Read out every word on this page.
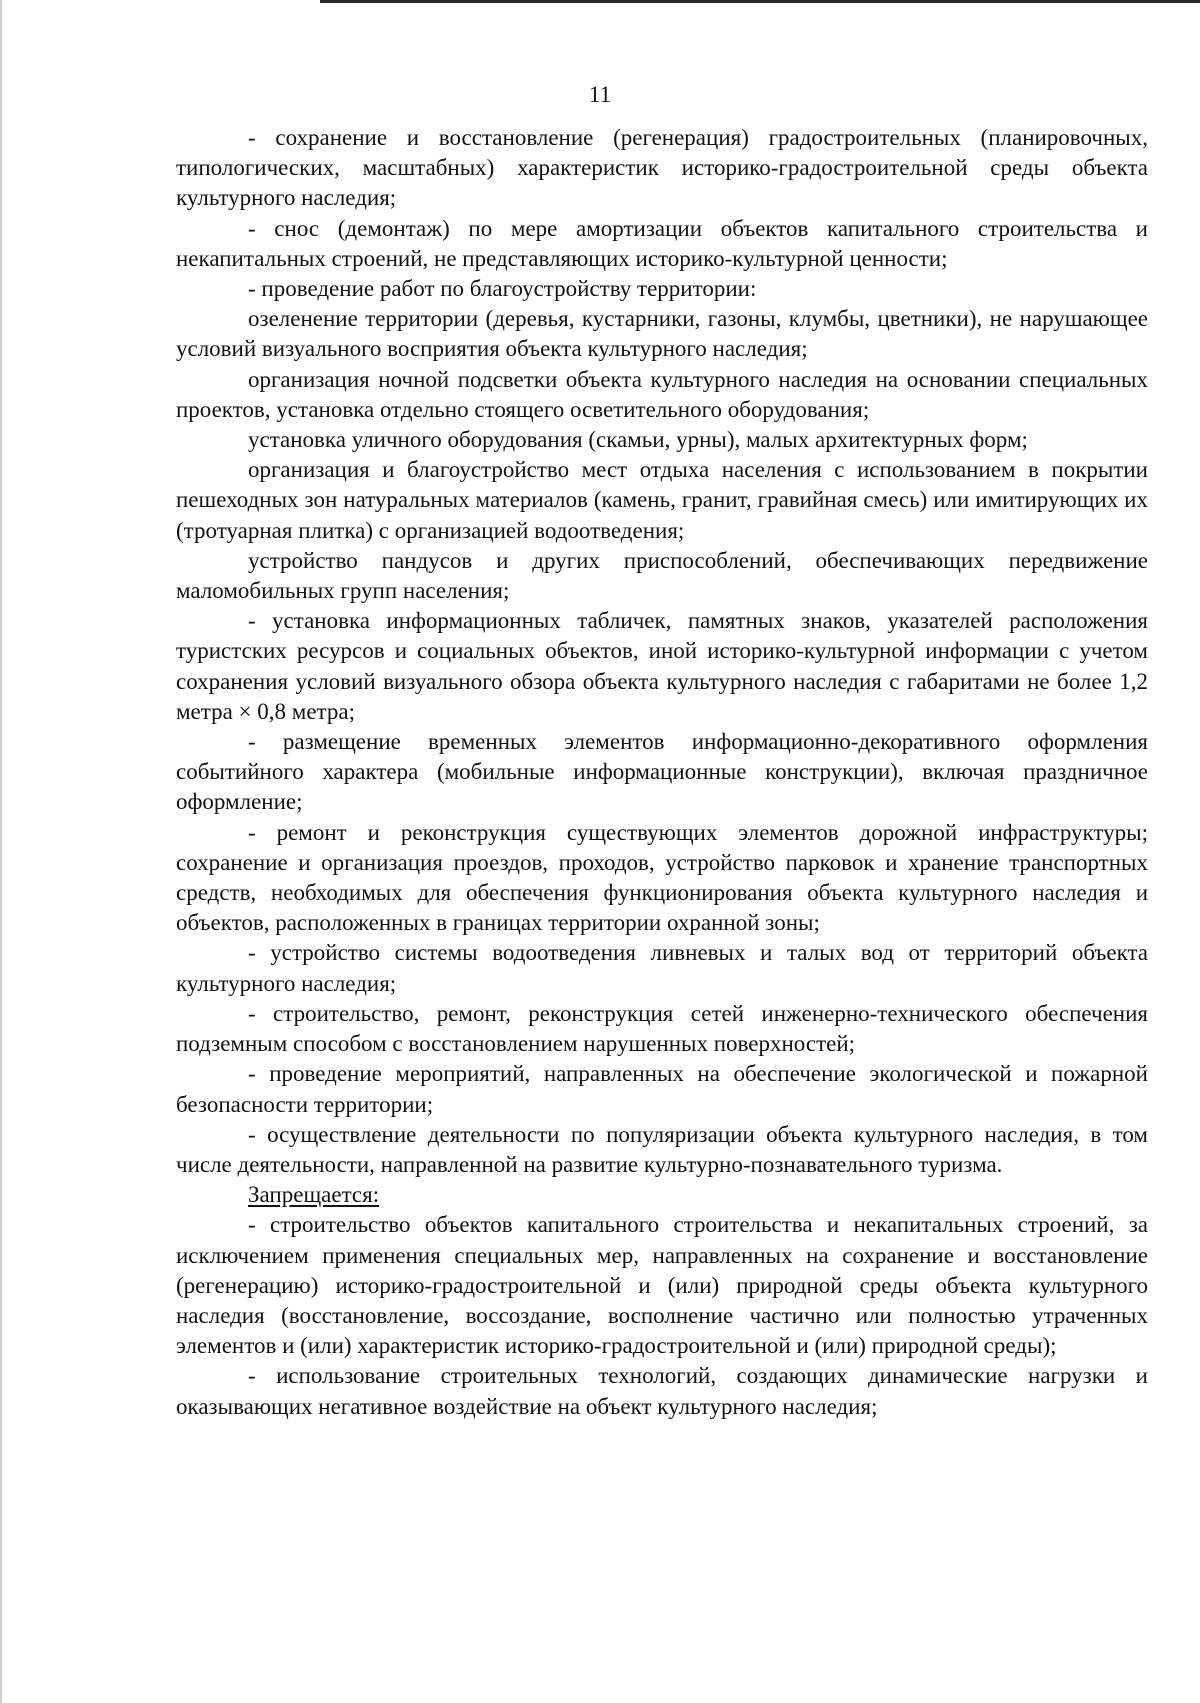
11

- сохранение и восстановление (регенерация) градостроительных (планировочных, типологических, масштабных) характеристик историко-градостроительной среды объекта культурного наследия;

- снос (демонтаж) по мере амортизации объектов капитального строительства и некапитальных строений, не представляющих историко-культурной ценности;

- проведение работ по благоустройству территории:

озеленение территории (деревья, кустарники, газоны, клумбы, цветники), не нарушающее условий визуального восприятия объекта культурного наследия;

организация ночной подсветки объекта культурного наследия на основании специальных проектов, установка отдельно стоящего осветительного оборудования;

установка уличного оборудования (скамьи, урны), малых архитектурных форм;

организация и благоустройство мест отдыха населения с использованием в покрытии пешеходных зон натуральных материалов (камень, гранит, гравийная смесь) или имитирующих их (тротуарная плитка) с организацией водоотведения;

устройство пандусов и других приспособлений, обеспечивающих передвижение маломобильных групп населения;

- установка информационных табличек, памятных знаков, указателей расположения туристских ресурсов и социальных объектов, иной историко-культурной информации с учетом сохранения условий визуального обзора объекта культурного наследия с габаритами не более 1,2 метра × 0,8 метра;

- размещение временных элементов информационно-декоративного оформления событийного характера (мобильные информационные конструкции), включая праздничное оформление;

- ремонт и реконструкция существующих элементов дорожной инфраструктуры; сохранение и организация проездов, проходов, устройство парковок и хранение транспортных средств, необходимых для обеспечения функционирования объекта культурного наследия и объектов, расположенных в границах территории охранной зоны;

- устройство системы водоотведения ливневых и талых вод от территорий объекта культурного наследия;

- строительство, ремонт, реконструкция сетей инженерно-технического обеспечения подземным способом с восстановлением нарушенных поверхностей;

- проведение мероприятий, направленных на обеспечение экологической и пожарной безопасности территории;

- осуществление деятельности по популяризации объекта культурного наследия, в том числе деятельности, направленной на развитие культурно-познавательного туризма.

Запрещается:

- строительство объектов капитального строительства и некапитальных строений, за исключением применения специальных мер, направленных на сохранение и восстановление (регенерацию) историко-градостроительной и (или) природной среды объекта культурного наследия (восстановление, воссоздание, восполнение частично или полностью утраченных элементов и (или) характеристик историко-градостроительной и (или) природной среды);

- использование строительных технологий, создающих динамические нагрузки и оказывающих негативное воздействие на объект культурного наследия;
